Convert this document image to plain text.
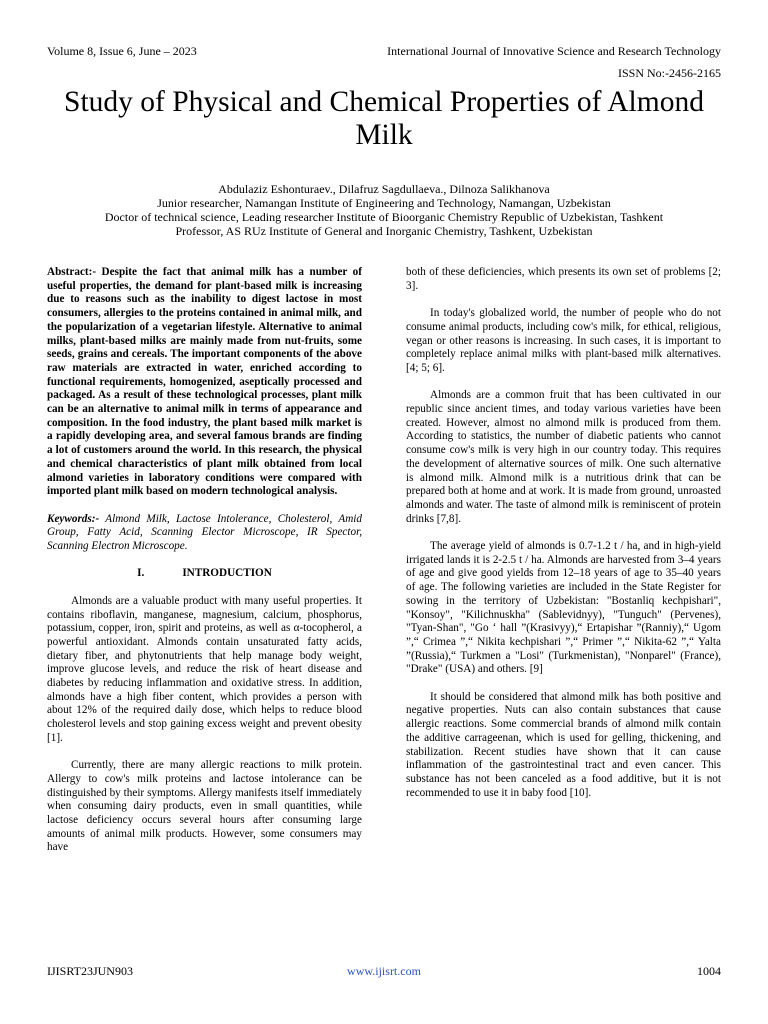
Volume 8, Issue 6, June – 2023	International Journal of Innovative Science and Research Technology
ISSN No:-2456-2165
Study of Physical and Chemical Properties of Almond Milk
Abdulaziz Eshonturaev., Dilafruz Sagdullaeva., Dilnoza Salikhanova
Junior researcher, Namangan Institute of Engineering and Technology, Namangan, Uzbekistan
Doctor of technical science, Leading researcher Institute of Bioorganic Chemistry Republic of Uzbekistan, Tashkent
Professor, AS RUz Institute of General and Inorganic Chemistry, Tashkent, Uzbekistan

Abstract:- Despite the fact that animal milk has a number of useful properties, the demand for plant-based milk is increasing due to reasons such as the inability to digest lactose in most consumers, allergies to the proteins contained in animal milk, and the popularization of a vegetarian lifestyle. Alternative to animal milks, plant-based milks are mainly made from nut-fruits, some seeds, grains and cereals. The important components of the above raw materials are extracted in water, enriched according to functional requirements, homogenized, aseptically processed and packaged. As a result of these technological processes, plant milk can be an alternative to animal milk in terms of appearance and composition. In the food industry, the plant based milk market is a rapidly developing area, and several famous brands are finding a lot of customers around the world. In this research, the physical and chemical characteristics of plant milk obtained from local almond varieties in laboratory conditions were compared with imported plant milk based on modern technological analysis.

Keywords:- Almond Milk, Lactose Intolerance, Cholesterol, Amid Group, Fatty Acid, Scanning Elector Microscope, IR Spector, Scanning Electron Microscope.

I.	INTRODUCTION

Almonds are a valuable product with many useful properties. It contains riboflavin, manganese, magnesium, calcium, phosphorus, potassium, copper, iron, spirit and proteins, as well as α-tocopherol, a powerful antioxidant. Almonds contain unsaturated fatty acids, dietary fiber, and phytonutrients that help manage body weight, improve glucose levels, and reduce the risk of heart disease and diabetes by reducing inflammation and oxidative stress. In addition, almonds have a high fiber content, which provides a person with about 12% of the required daily dose, which helps to reduce blood cholesterol levels and stop gaining excess weight and prevent obesity [1].

Currently, there are many allergic reactions to milk protein. Allergy to cow's milk proteins and lactose intolerance can be distinguished by their symptoms. Allergy manifests itself immediately when consuming dairy products, even in small quantities, while lactose deficiency occurs several hours after consuming large amounts of animal milk products. However, some consumers may have

both of these deficiencies, which presents its own set of problems [2; 3].

In today's globalized world, the number of people who do not consume animal products, including cow's milk, for ethical, religious, vegan or other reasons is increasing. In such cases, it is important to completely replace animal milks with plant-based milk alternatives. [4; 5; 6].

Almonds are a common fruit that has been cultivated in our republic since ancient times, and today various varieties have been created. However, almost no almond milk is produced from them. According to statistics, the number of diabetic patients who cannot consume cow's milk is very high in our country today. This requires the development of alternative sources of milk. One such alternative is almond milk. Almond milk is a nutritious drink that can be prepared both at home and at work. It is made from ground, unroasted almonds and water. The taste of almond milk is reminiscent of protein drinks [7,8].

The average yield of almonds is 0.7-1.2 t / ha, and in high-yield irrigated lands it is 2-2.5 t / ha. Almonds are harvested from 3–4 years of age and give good yields from 12–18 years of age to 35–40 years of age. The following varieties are included in the State Register for sowing in the territory of Uzbekistan: "Bostanliq kechpishari", "Konsoy", "Kilichnuskha" (Sablevidnyy), "Tunguch" (Pervenes), "Tyan-Shan", "Go ‘ hall ”(Krasivyy),“ Ertapishar ”(Ranniy),“ Ugom ”,“ Crimea ”,“ Nikita kechpishari ”,“ Primer ”,“ Nikita-62 ”,“ Yalta ”(Russia),“ Turkmen a "Losi" (Turkmenistan), "Nonparel" (France), "Drake" (USA) and others. [9]

It should be considered that almond milk has both positive and negative properties. Nuts can also contain substances that cause allergic reactions. Some commercial brands of almond milk contain the additive carrageenan, which is used for gelling, thickening, and stabilization. Recent studies have shown that it can cause inflammation of the gastrointestinal tract and even cancer. This substance has not been canceled as a food additive, but it is not recommended to use it in baby food [10].

IJISRT23JUN903	www.ijisrt.com	1004
